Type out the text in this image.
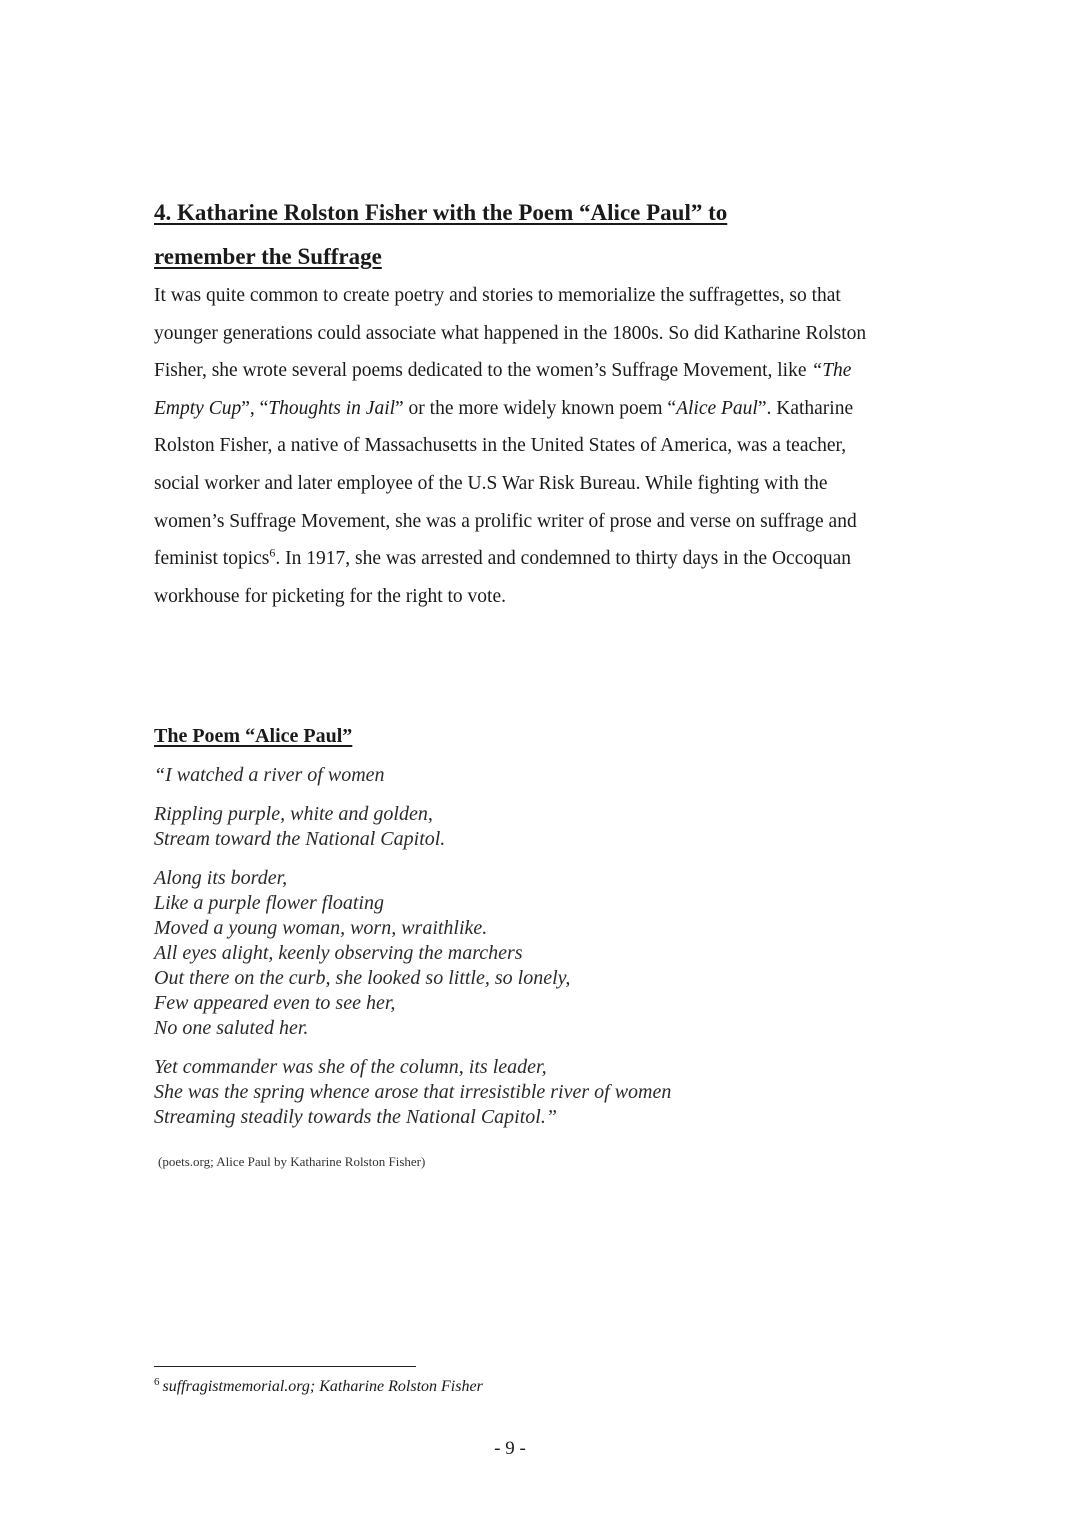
4. Katharine Rolston Fisher with the Poem “Alice Paul” to
remember the Suffrage

It was quite common to create poetry and stories to memorialize the suffragettes, so that younger generations could associate what happened in the 1800s. So did Katharine Rolston Fisher, she wrote several poems dedicated to the women’s Suffrage Movement, like “The Empty Cup”, “Thoughts in Jail” or the more widely known poem “Alice Paul”. Katharine Rolston Fisher, a native of Massachusetts in the United States of America, was a teacher, social worker and later employee of the U.S War Risk Bureau. While fighting with the women’s Suffrage Movement, she was a prolific writer of prose and verse on suffrage and feminist topics$^6$. In 1917, she was arrested and condemned to thirty days in the Occoquan workhouse for picketing for the right to vote.

The Poem “Alice Paul”
“I watched a river of women
Rippling purple, white and golden,
Stream toward the National Capitol.
Along its border,
Like a purple flower floating
Moved a young woman, worn, wraithlike.
All eyes alight, keenly observing the marchers
Out there on the curb, she looked so little, so lonely,
Few appeared even to see her,
No one saluted her.
Yet commander was she of the column, its leader,
She was the spring whence arose that irresistible river of women
Streaming steadily towards the National Capitol.”

(poets.org; Alice Paul by Katharine Rolston Fisher)

$^6$ suffragistmemorial.org; Katharine Rolston Fisher

- 9 -
